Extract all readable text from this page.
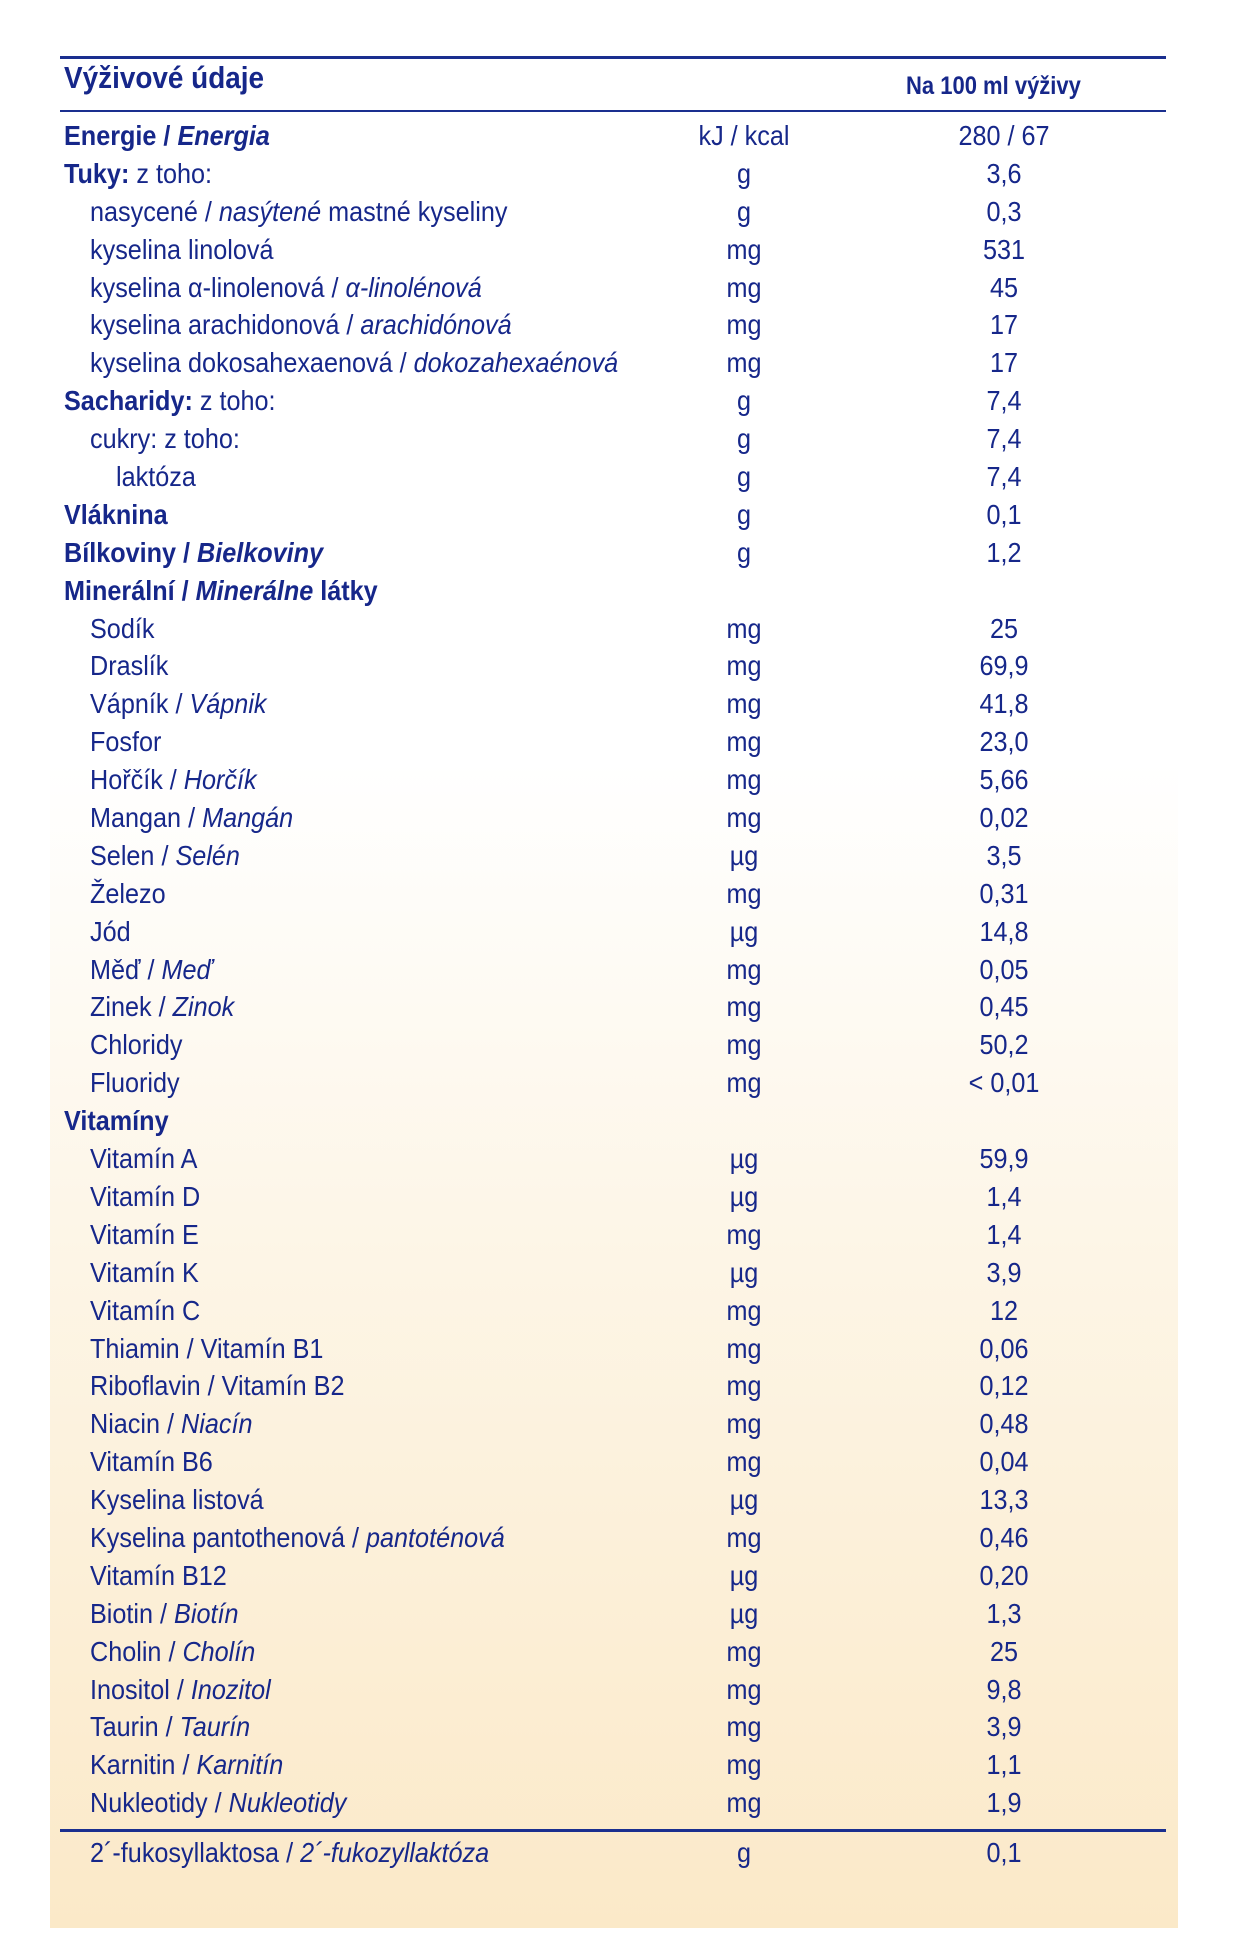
Výživové údaje	Na 100 ml výživy
Energie / Energia	kJ / kcal	280 / 67
Tuky: z toho:	g	3,6
nasycené / nasýtené mastné kyseliny	g	0,3
kyselina linolová	mg	531
kyselina α-linolenová / α-linolénová	mg	45
kyselina arachidonová / arachidónová	mg	17
kyselina dokosahexaenová / dokozahexaénová	mg	17
Sacharidy: z toho:	g	7,4
cukry: z toho:	g	7,4
laktóza	g	7,4
Vláknina	g	0,1
Bílkoviny / Bielkoviny	g	1,2
Minerální / Minerálne látky
Sodík	mg	25
Draslík	mg	69,9
Vápník / Vápnik	mg	41,8
Fosfor	mg	23,0
Hořčík / Horčík	mg	5,66
Mangan / Mangán	mg	0,02
Selen / Selén	µg	3,5
Železo	mg	0,31
Jód	µg	14,8
Měď / Meď	mg	0,05
Zinek / Zinok	mg	0,45
Chloridy	mg	50,2
Fluoridy	mg	< 0,01
Vitamíny
Vitamín A	µg	59,9
Vitamín D	µg	1,4
Vitamín E	mg	1,4
Vitamín K	µg	3,9
Vitamín C	mg	12
Thiamin / Vitamín B1	mg	0,06
Riboflavin / Vitamín B2	mg	0,12
Niacin / Niacín	mg	0,48
Vitamín B6	mg	0,04
Kyselina listová	µg	13,3
Kyselina pantothenová / pantoténová	mg	0,46
Vitamín B12	µg	0,20
Biotin / Biotín	µg	1,3
Cholin / Cholín	mg	25
Inositol / Inozitol	mg	9,8
Taurin / Taurín	mg	3,9
Karnitin / Karnitín	mg	1,1
Nukleotidy / Nukleotidy	mg	1,9
2´-fukosyllaktosa / 2´-fukozyllaktóza	g	0,1
